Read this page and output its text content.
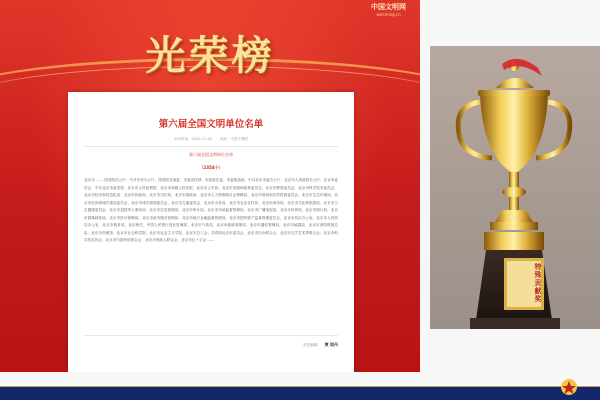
中国文明网
wenming.cn
光荣榜
第六届全国文明单位名单
发布时间：2020-11-20 来源：中国文明网
第六届全国文明单位名单
（2354个）
北京市 …… 国务院办公厅、中共中央办公厅、国务院各部委、市委宣传部、市委政法委、市委统战部、中共北京市委办公厅、北京市人民政府办公厅、北京市委员会、中共北京市委党校、北京市人民检察院、北京市高级人民法院、北京市公安局、北京市发展和改革委员会、北京市教育委员会、北京市科学技术委员会、北京市经济和信息化局、北京市民政局、北京市司法局、北京市财政局、北京市人力资源和社会保障局、北京市规划和自然资源委员会、北京市生态环境局、北京市住房和城乡建设委员会、北京市城市管理委员会、北京市交通委员会、北京市水务局、北京市农业农村局、北京市商务局、北京市文化和旅游局、北京市卫生健康委员会、北京市退役军人事务局、北京市应急管理局、北京市审计局、北京市市场监督管理局、北京市广播电视局、北京市体育局、北京市统计局、北京市园林绿化局、北京市医疗保障局、北京市政务服务管理局、北京市地方金融监督管理局、北京市国有资产监督管理委员会、北京市信访办公室、北京市人民防空办公室、北京市税务局、北京海关、中国人民银行营业管理部、北京市气象局、北京市邮政管理局、北京市通信管理局、北京市地震局、北京市消防救援总队、北京市档案馆、北京市社会科学院、北京市社会主义学院、北京市总工会、共青团北京市委员会、北京市妇女联合会、北京市文学艺术界联合会、北京市科学技术协会、北京市归国华侨联合会、北京市残疾人联合会、北京市红十字会 ……
责任编辑： 贾 雨丹
特殊贡献奖
